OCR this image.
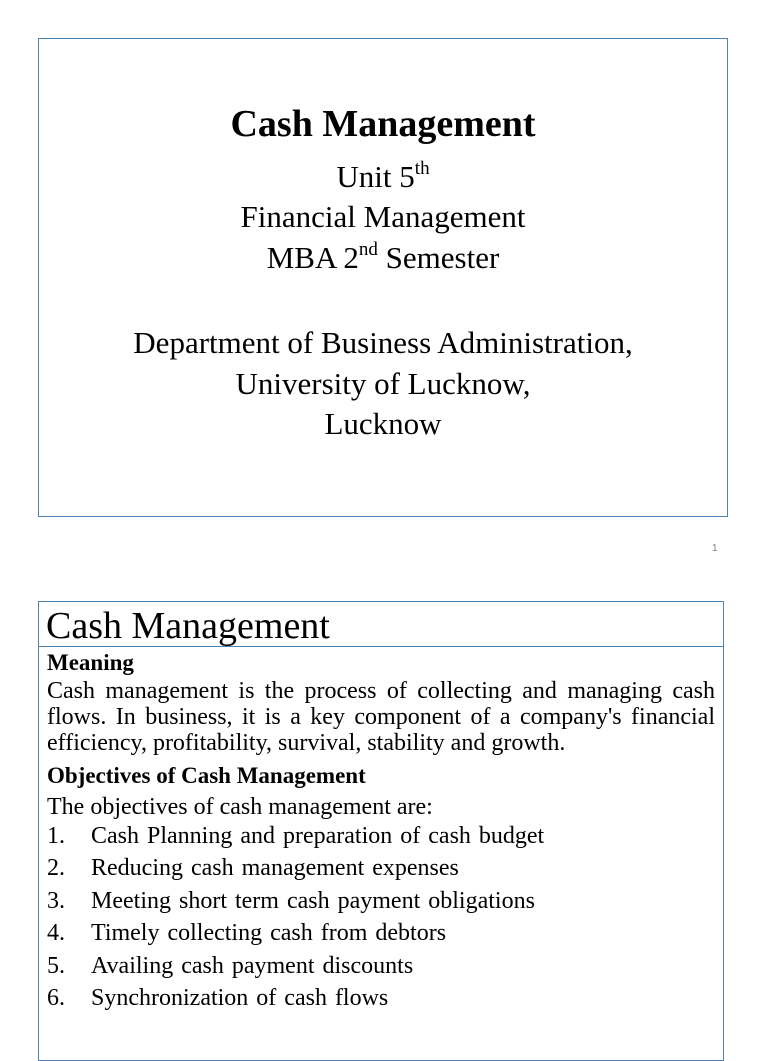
Cash Management
Unit 5th
Financial Management
MBA 2nd Semester
Department of Business Administration,
University of Lucknow,
Lucknow
1
Cash Management
Meaning
Cash management is the process of collecting and managing cash flows. In business, it is a key component of a company's financial efficiency, profitability, survival, stability and growth.
Objectives of Cash Management
The objectives of cash management are:
1.	Cash Planning and preparation of cash budget
2.	Reducing cash management expenses
3.	Meeting short term cash payment obligations
4.	Timely collecting cash from debtors
5.	Availing cash payment discounts
6.	Synchronization of cash flows
